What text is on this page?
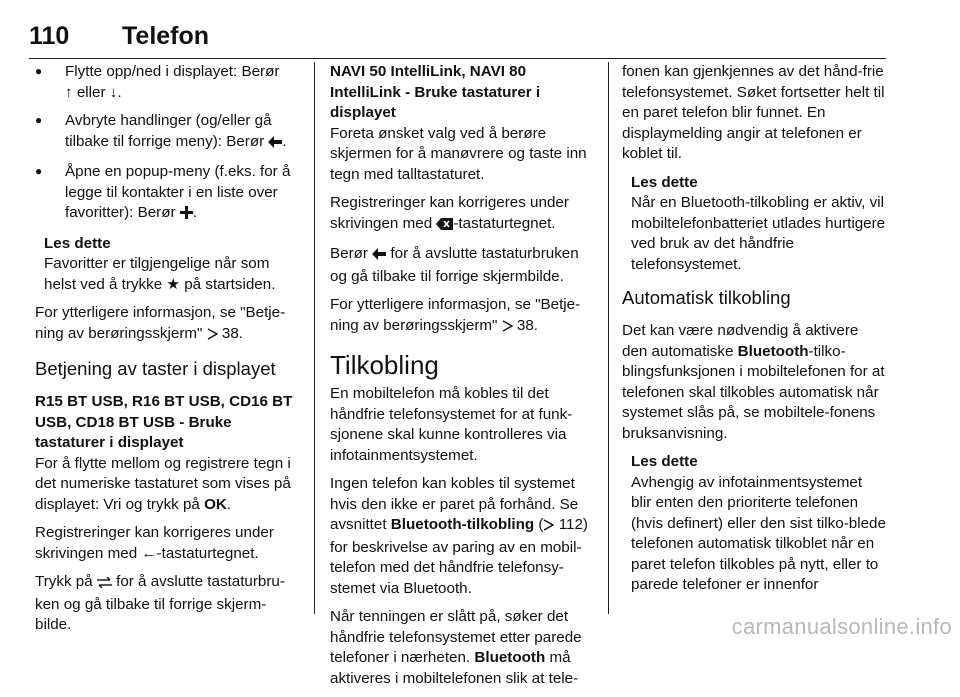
110 Telefon
● Flytte opp/ned i displayet: Berør
↑ eller ↓.
● Avbryte handlinger (og/eller gå tilbake til forrige meny): Berør .
● Åpne en popup-meny (f.eks. for å legge til kontakter i en liste over favoritter): Berør .
Les dette
Favoritter er tilgjengelige når som helst ved å trykke ★ på startsiden.

For ytterligere informasjon, se "Betje-ning av berøringsskjerm"  38.

Betjening av taster i displayet

R15 BT USB, R16 BT USB, CD16 BT USB, CD18 BT USB - Bruke tastaturer i displayet

For å flytte mellom og registrere tegn i det numeriske tastaturet som vises på displayet: Vri og trykk på OK.

Registreringer kan korrigeres under skrivingen med ←-tastaturtegnet.

Trykk på  for å avslutte tastaturbru-ken og gå tilbake til forrige skjerm-bilde.

NAVI 50 IntelliLink, NAVI 80 IntelliLink - Bruke tastaturer i displayet

Foreta ønsket valg ved å berøre skjermen for å manøvrere og taste inn tegn med talltastaturet.

Registreringer kan korrigeres under skrivingen med -tastaturtegnet.

Berør  for å avslutte tastaturbruken og gå tilbake til forrige skjermbilde.

For ytterligere informasjon, se "Betje-ning av berøringsskjerm"  38.

Tilkobling

En mobiltelefon må kobles til det håndfrie telefonsystemet for at funk-sjonene skal kunne kontrolleres via infotainmentsystemet.

Ingen telefon kan kobles til systemet hvis den ikke er paret på forhånd. Se avsnittet Bluetooth-tilkobling ( 112) for beskrivelse av paring av en mobil-telefon med det håndfrie telefonsy-stemet via Bluetooth.

Når tenningen er slått på, søker det håndfrie telefonsystemet etter parede telefoner i nærheten. Bluetooth må aktiveres i mobiltelefonen slik at tele-

fonen kan gjenkjennes av det hånd-frie telefonsystemet. Søket fortsetter helt til en paret telefon blir funnet. En displaymelding angir at telefonen er koblet til.

Les dette
Når en Bluetooth-tilkobling er aktiv, vil mobiltelefonbatteriet utlades hurtigere ved bruk av det håndfrie telefonsystemet.
Automatisk tilkobling

Det kan være nødvendig å aktivere den automatiske Bluetooth-tilko-blingsfunksjonen i mobiltelefonen for at telefonen skal tilkobles automatisk når systemet slås på, se mobiltele-fonens bruksanvisning.

Les dette
Avhengig av infotainmentsystemet blir enten den prioriterte telefonen (hvis definert) eller den sist tilko-blede telefonen automatisk tilkoblet når en paret telefon tilkobles på nytt, eller to parede telefoner er innenfor
carmanualsonline.info
